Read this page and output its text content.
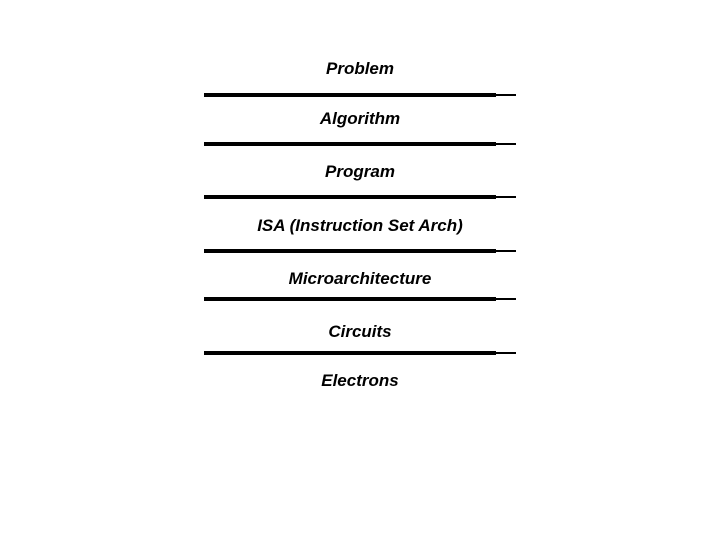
Problem
Algorithm
Program
ISA (Instruction Set Arch)
Microarchitecture
Circuits
Electrons
